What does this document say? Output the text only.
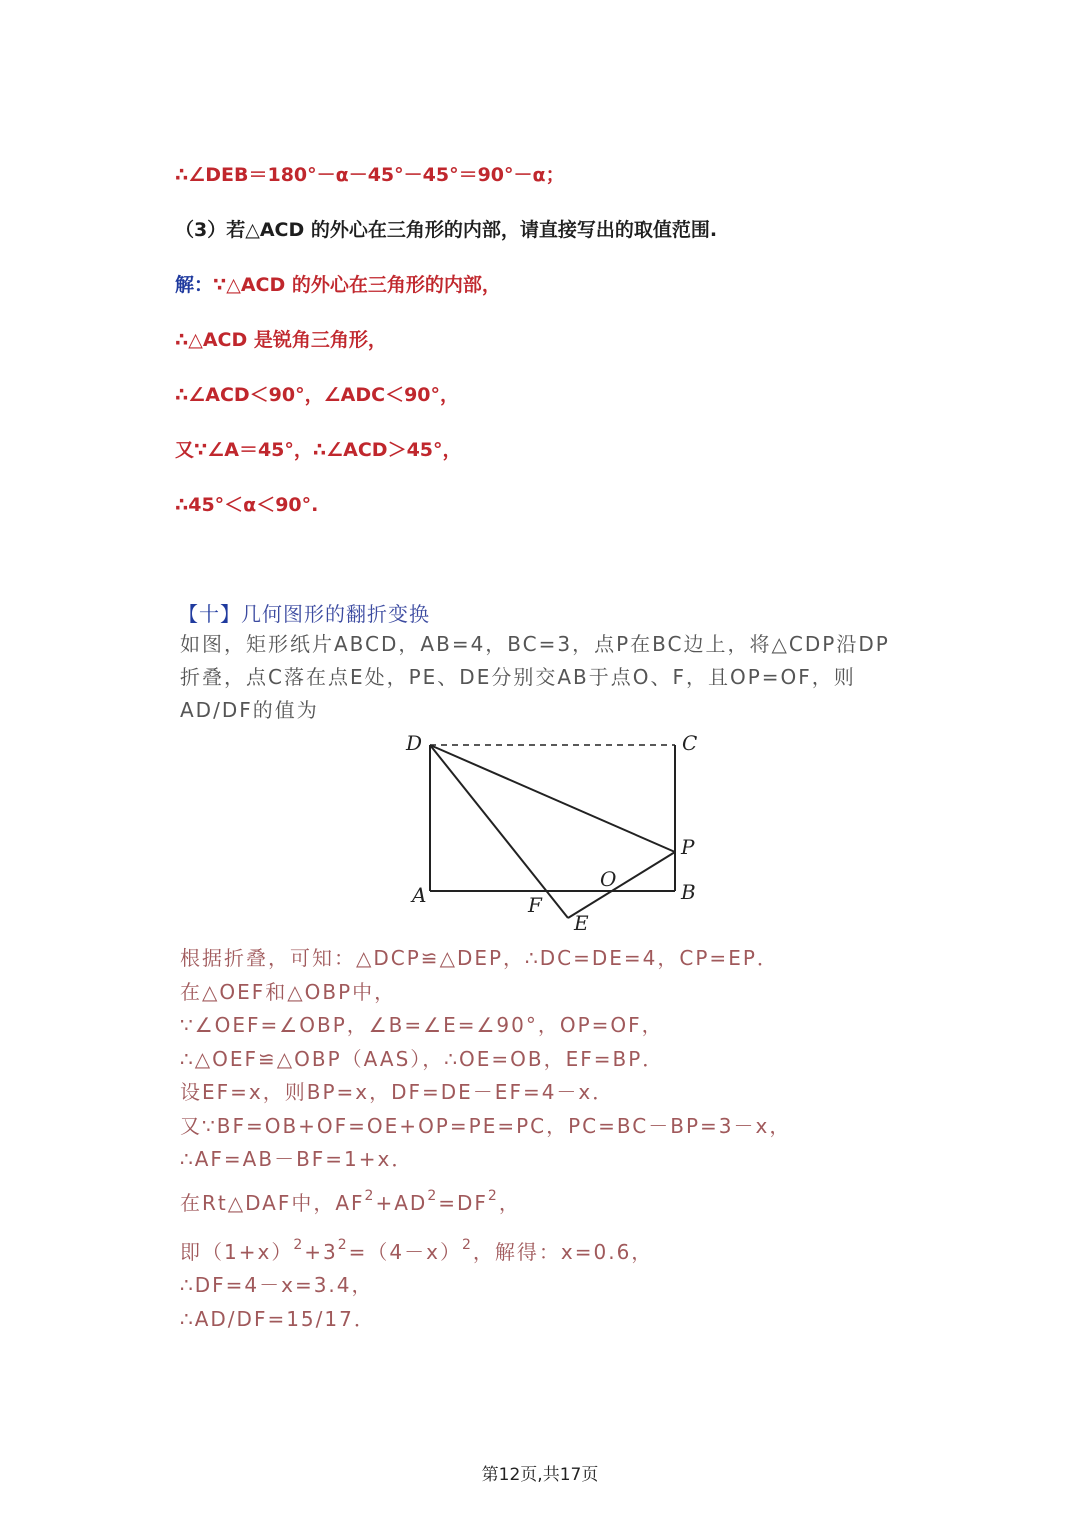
∴∠DEB＝180°－α－45°－45°＝90°－α；
（3）若△ACD 的外心在三角形的内部，请直接写出的取值范围.
解：∵△ACD 的外心在三角形的内部，
∴△ACD 是锐角三角形，
∴∠ACD＜90°，∠ADC＜90°，
又∵∠A＝45°，∴∠ACD＞45°，
∴45°＜α＜90°.
【十】几何图形的翻折变换
如图，矩形纸片ABCD，AB=4，BC=3，点P在BC边上，将△CDP沿DP折叠，点C落在点E处，PE、DE分别交AB于点O、F，且OP=OF，则AD/DF的值为
D	C
P
A	B
F
E
O
根据折叠，可知：△DCP≌△DEP，∴DC=DE=4，CP=EP．
在△OEF和△OBP中，
∵∠OEF=∠OBP，∠B=∠E=∠90°，OP=OF，
∴△OEF≌△OBP（AAS），∴OE=OB，EF=BP．
设EF=x，则BP=x，DF=DE－EF=4－x．
又∵BF=OB+OF=OE+OP=PE=PC，PC=BC－BP=3－x，
∴AF=AB－BF=1+x．
在Rt△DAF中，$AF^2+AD^2=DF^2$，
即$(1+x)^2+3^2=(4-x)^2$，解得：x=0.6，
∴DF=4－x=3.4，
∴AD/DF=15/17．
第12页,共17页
